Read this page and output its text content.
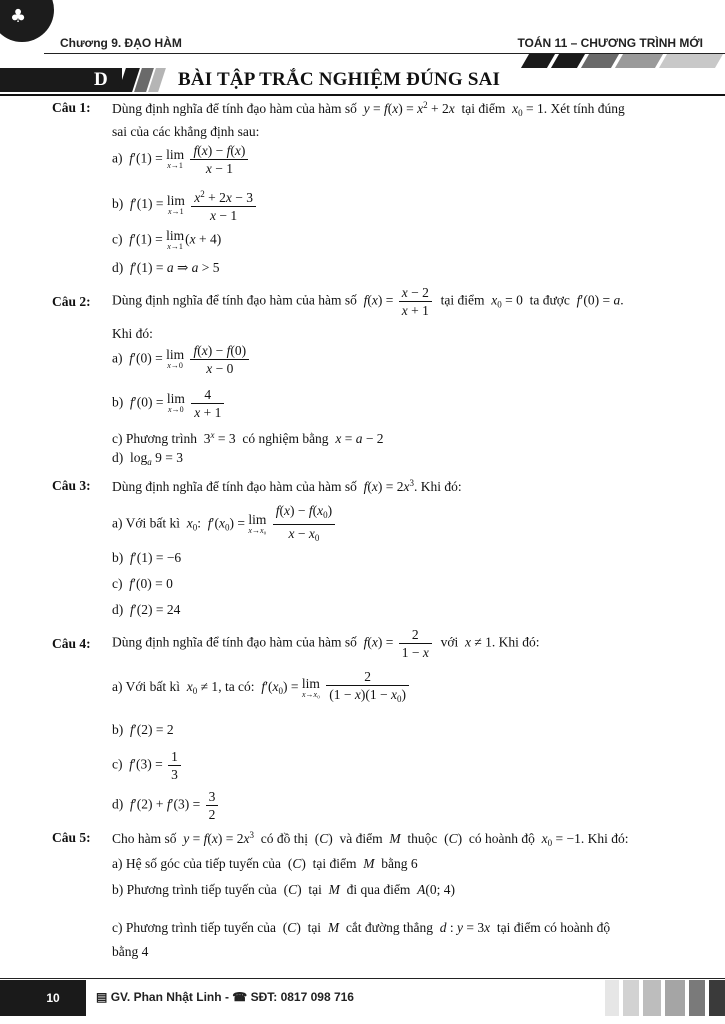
♣
Chương 9. ĐẠO HÀM	TOÁN 11 – CHƯƠNG TRÌNH MỚI
D	BÀI TẬP TRẮC NGHIỆM ĐÚNG SAI
Câu 1: Dùng định nghĩa để tính đạo hàm của hàm số $y = f(x) = x^2 + 2x$ tại điểm $x_0 = 1$. Xét tính đúng
sai của các khẳng định sau:
a)  f′(1) = lim
x→1
$\frac{f(x) - f(x)}{x - 1}$
b)  f′(1) = lim
x→1
$\frac{x^2 + 2x - 3}{x - 1}$
c)  f′(1) = lim
x→1 (x + 4)
d)  f′(1) = a ⇒ a > 5
Câu 2: Dùng định nghĩa để tính đạo hàm của hàm số $f(x) = \frac{x - 2}{x + 1}$ tại điểm $x_0 = 0$  ta được f′(0) = a.
Khi đó:
a)  f′(0) = lim
x→0
$\frac{f(x) - f(0)}{x - 0}$
b)  f′(0) = lim
x→0
$\frac{4}{x + 1}$
c) Phương trình  $3^x = 3$  có nghiệm bằng x = a − 2
d)  $\log_a 9 = 3$
Câu 3: Dùng định nghĩa để tính đạo hàm của hàm số $f(x) = 2x^3$. Khi đó:
a) Với bất kì $x_0$:  $f'(x_0) = \lim$
x→x₀
$\frac{f(x) - f(x_0)}{x - x_0}$
b)  f′(1) = −6
c)  f′(0) = 0
d)  f′(2) = 24
Câu 4: Dùng định nghĩa để tính đạo hàm của hàm số $f(x) = \frac{2}{1 - x}$ với x ≠ 1. Khi đó:
a) Với bất kì $x_0 \ne 1$, ta có: $f'(x_0) = \lim$
x→x₀
$\frac{2}{(1 - x)(1 - x_0)}$
b)  f′(2) = 2
c)  $f'(3) = \frac{1}{3}$
d)  $f'(2) + f'(3) = \frac{3}{2}$
Câu 5: Cho hàm số $y = f(x) = 2x^3$ có đồ thị  (C)  và điểm M thuộc  (C)  có hoành độ $x_0 = -1$. Khi đó:
a) Hệ số góc của tiếp tuyến của  (C)  tại điểm M bằng 6
b) Phương trình tiếp tuyến của  (C)  tại M đi qua điểm A(0; 4)
c) Phương trình tiếp tuyến của  (C)  tại M cắt đường thẳng d : y = 3x tại điểm có hoành độ
bằng 4
10	▤ GV. Phan Nhật Linh - ☎ SĐT: 0817 098 716
